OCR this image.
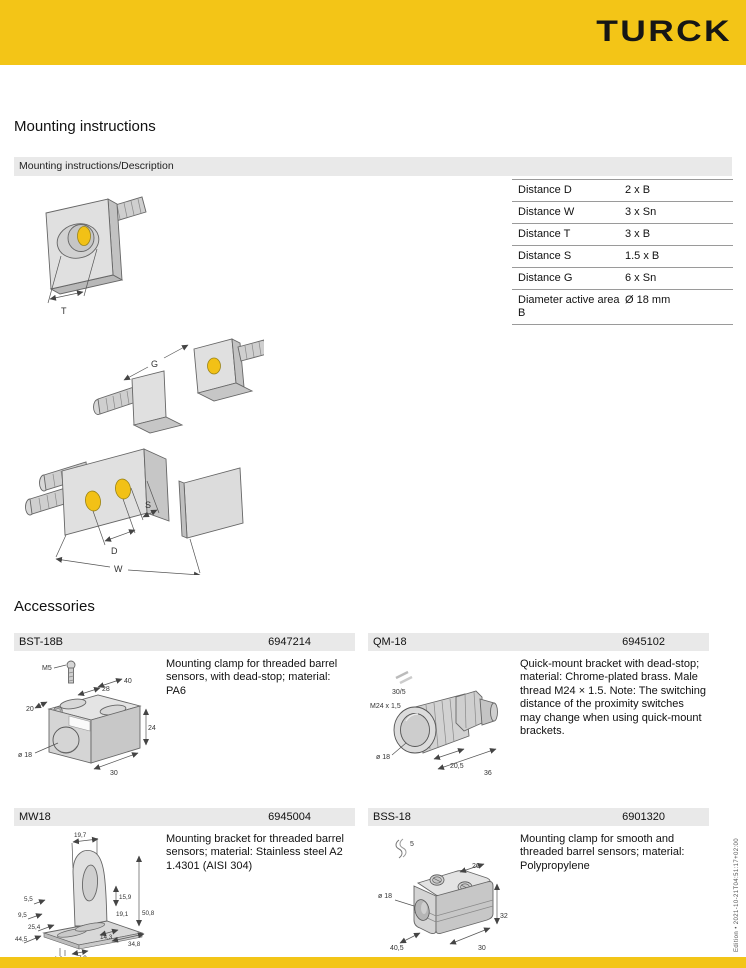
TURCK
Mounting instructions
Mounting instructions/Description
T
G
S
D
W
Distance D	2 x B
Distance W	3 x Sn
Distance T	3 x B
Distance S	1.5 x B
Distance G	6 x Sn
Diameter active area B
Ø 18 mm
Accessories
BST-18B	6947214
M5
20
28
40
24
ø 18
30
Mounting clamp for threaded barrel sensors, with dead-stop; material: PA6
QM-18	6945102
30/5
M24 x 1,5
ø 18
20,5
36
Quick-mount bracket with dead-stop; material: Chrome-plated brass. Male thread M24 × 1.5. Note: The switching distance of the proximity switches may change when using quick-mount brackets.
MW18	6945004
19,7
5,5
9,5
25,4
44,5
15,9
19,1 50,8
14,3
34,8
Mounting bracket for threaded barrel sensors; material: Stainless steel A2 1.4301 (AISI 304)
BSS-18	6901320
5
26
ø 18
32
40,5	30
Mounting clamp for smooth and threaded barrel sensors; material: Polypropylene	Edition • 2021-10-21T04:51:17+02:00
